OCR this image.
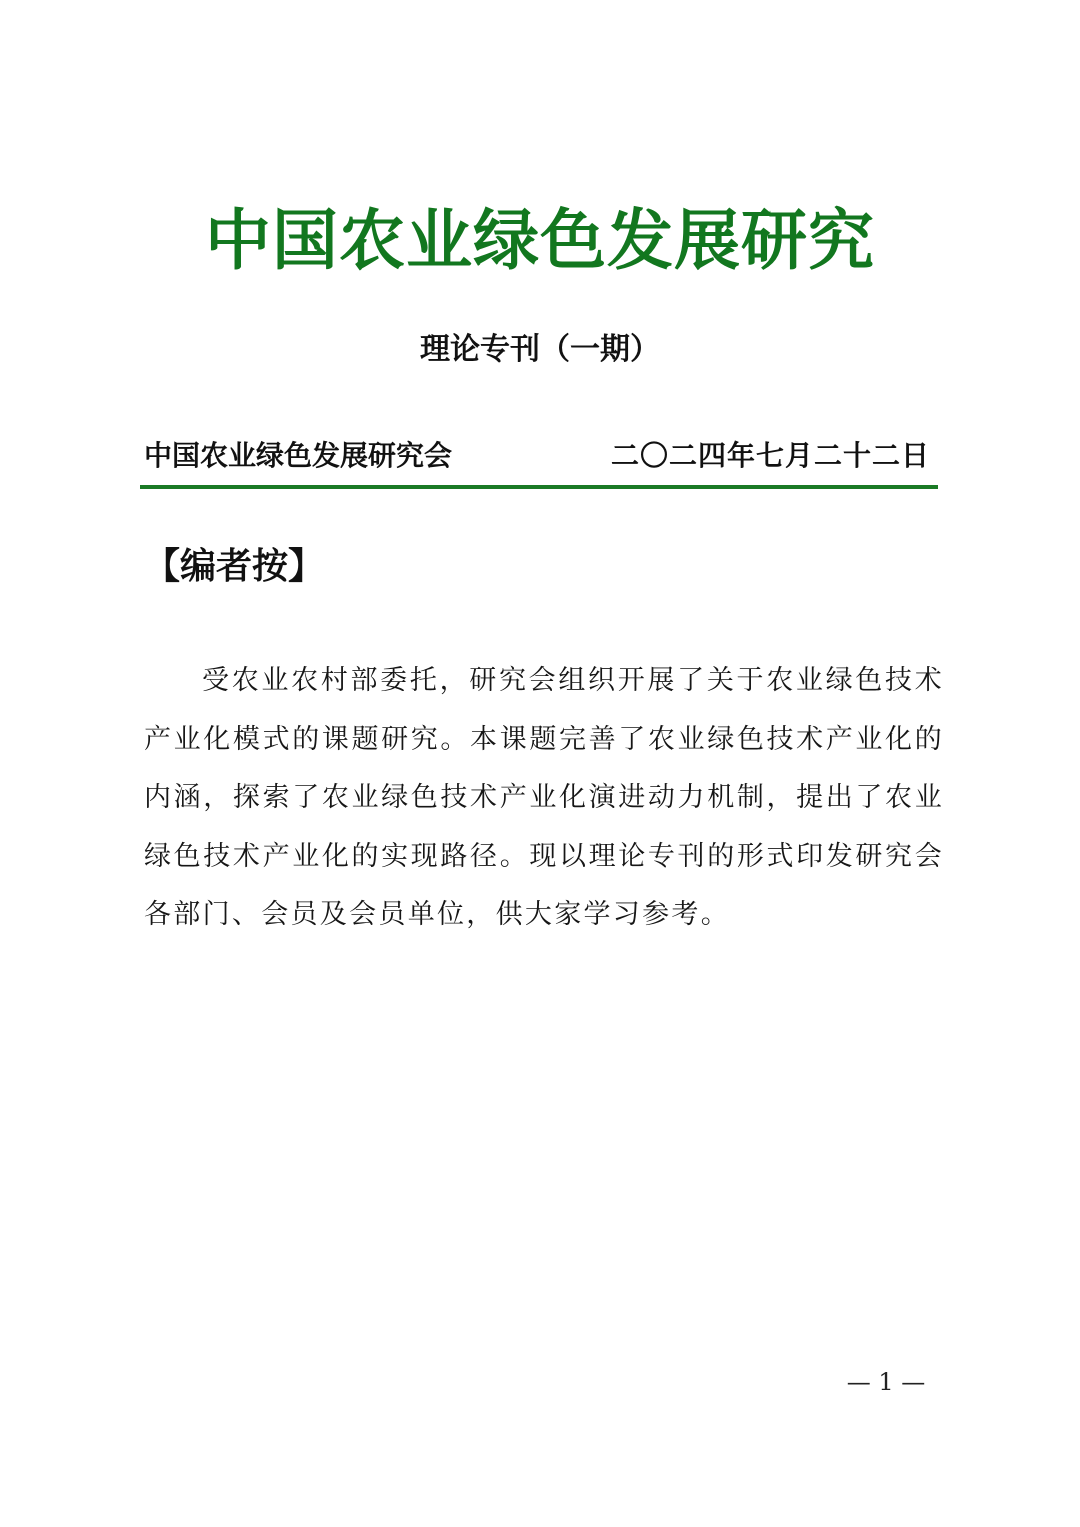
中国农业绿色发展研究
理论专刊（一期）
中国农业绿色发展研究会	二〇二四年七月二十二日
【编者按】
受农业农村部委托，研究会组织开展了关于农业绿色技术产业化模式的课题研究。本课题完善了农业绿色技术产业化的内涵，探索了农业绿色技术产业化演进动力机制，提出了农业绿色技术产业化的实现路径。现以理论专刊的形式印发研究会各部门、会员及会员单位，供大家学习参考。
— 1 —
